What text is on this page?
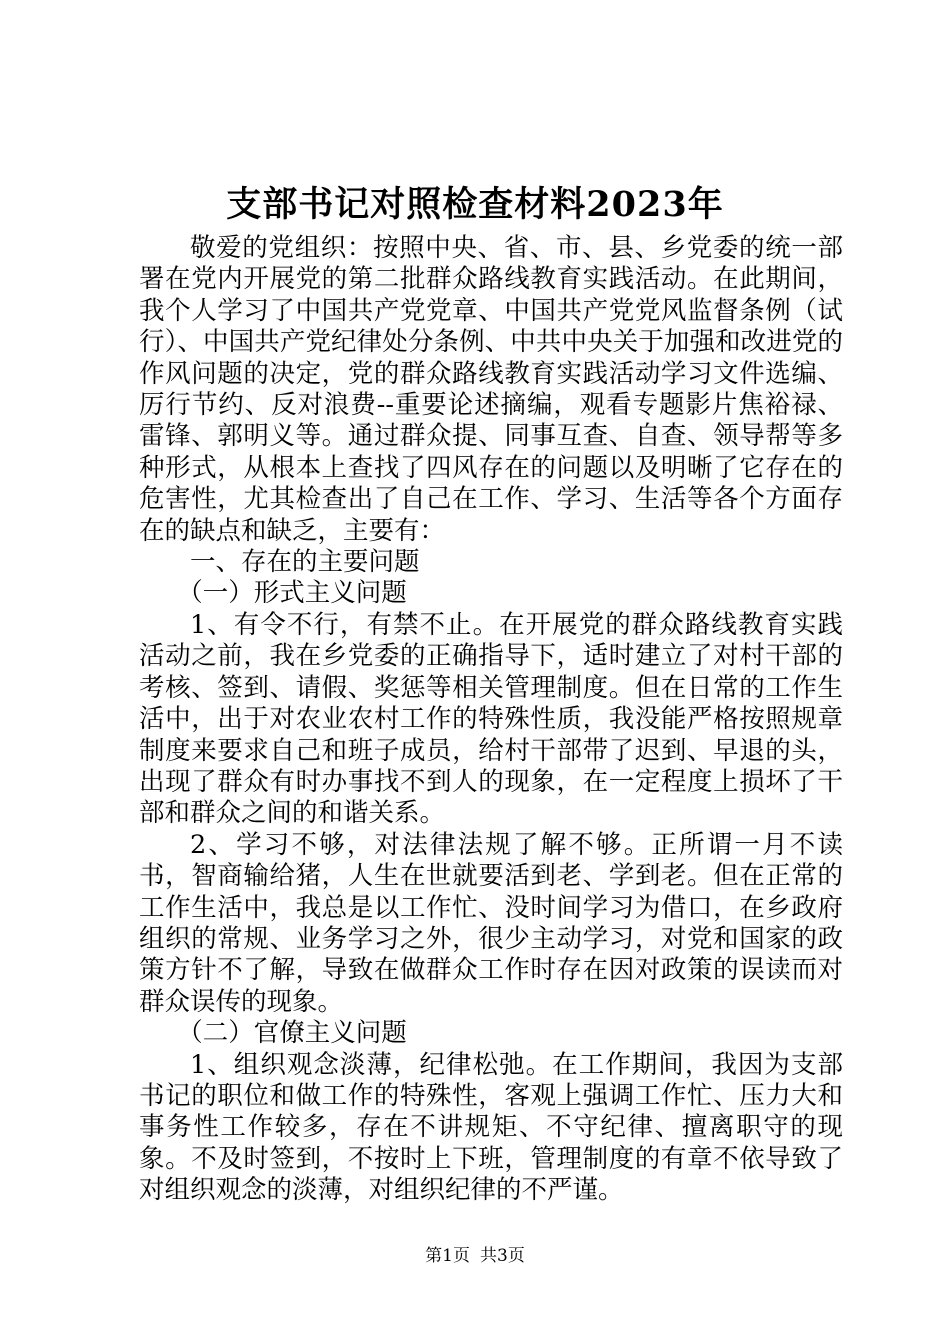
支部书记对照检查材料2023年

敬爱的党组织：按照中央、省、市、县、乡党委的统一部署在党内开展党的第二批群众路线教育实践活动。在此期间，我个人学习了中国共产党党章、中国共产党党风监督条例（试行）、中国共产党纪律处分条例、中共中央关于加强和改进党的作风问题的决定，党的群众路线教育实践活动学习文件选编、厉行节约、反对浪费--重要论述摘编，观看专题影片焦裕禄、雷锋、郭明义等。通过群众提、同事互查、自查、领导帮等多种形式，从根本上查找了四风存在的问题以及明晰了它存在的危害性，尤其检查出了自己在工作、学习、生活等各个方面存在的缺点和缺乏，主要有：

一、存在的主要问题

（一）形式主义问题

1、有令不行，有禁不止。在开展党的群众路线教育实践活动之前，我在乡党委的正确指导下，适时建立了对村干部的考核、签到、请假、奖惩等相关管理制度。但在日常的工作生活中，出于对农业农村工作的特殊性质，我没能严格按照规章制度来要求自己和班子成员，给村干部带了迟到、早退的头，出现了群众有时办事找不到人的现象，在一定程度上损坏了干部和群众之间的和谐关系。

2、学习不够，对法律法规了解不够。正所谓一月不读书，智商输给猪，人生在世就要活到老、学到老。但在正常的工作生活中，我总是以工作忙、没时间学习为借口，在乡政府组织的常规、业务学习之外，很少主动学习，对党和国家的政策方针不了解，导致在做群众工作时存在因对政策的误读而对群众误传的现象。

（二）官僚主义问题

1、组织观念淡薄，纪律松弛。在工作期间，我因为支部书记的职位和做工作的特殊性，客观上强调工作忙、压力大和事务性工作较多，存在不讲规矩、不守纪律、擅离职守的现象。不及时签到，不按时上下班，管理制度的有章不依导致了对组织观念的淡薄，对组织纪律的不严谨。

第1页 共3页
